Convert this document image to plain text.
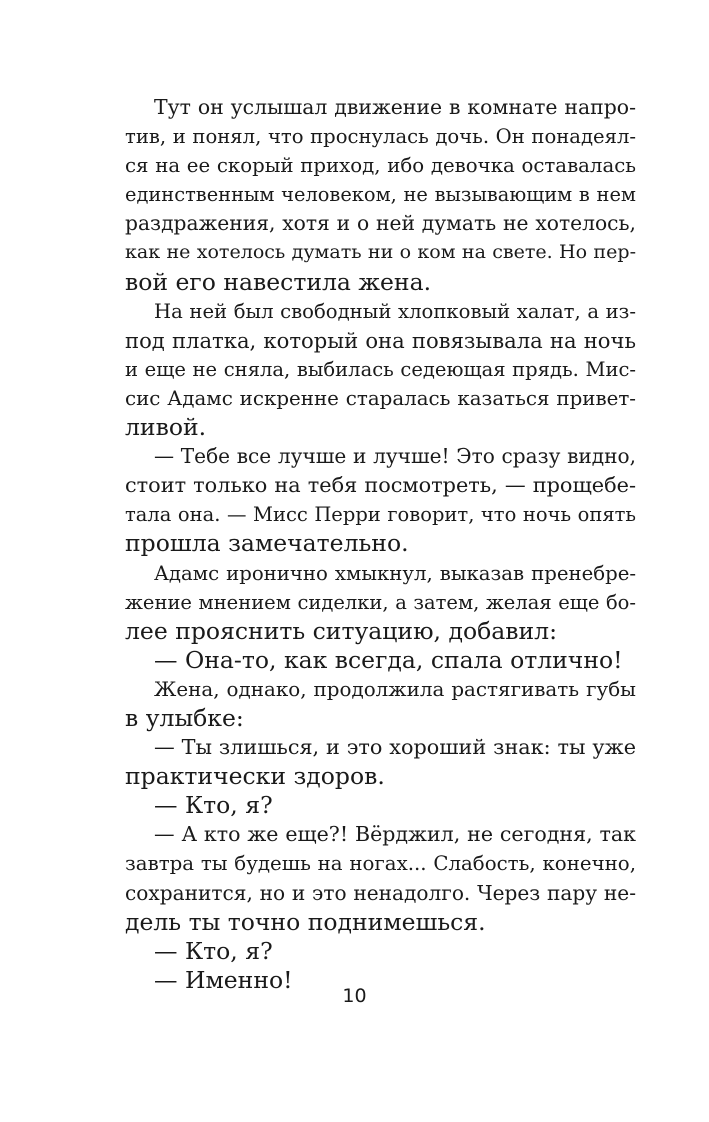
Тут он услышал движение в комнате напро-
тив, и понял, что проснулась дочь. Он понадеял-
ся на ее скорый приход, ибо девочка оставалась
единственным человеком, не вызывающим в нем
раздражения, хотя и о ней думать не хотелось,
как не хотелось думать ни о ком на свете. Но пер-
вой его навестила жена.
На ней был свободный хлопковый халат, а из-
под платка, который она повязывала на ночь
и еще не сняла, выбилась седеющая прядь. Мис-
сис Адамс искренне старалась казаться привет-
ливой.
— Тебе все лучше и лучше! Это сразу видно,
стоит только на тебя посмотреть, — прощебе-
тала она. — Мисс Перри говорит, что ночь опять
прошла замечательно.
Адамс иронично хмыкнул, выказав пренебре-
жение мнением сиделки, а затем, желая еще бо-
лее прояснить ситуацию, добавил:
— Она-то, как всегда, спала отлично!
Жена, однако, продолжила растягивать губы
в улыбке:
— Ты злишься, и это хороший знак: ты уже
практически здоров.
— Кто, я?
— А кто же еще?! Вёрджил, не сегодня, так
завтра ты будешь на ногах... Слабость, конечно,
сохранится, но и это ненадолго. Через пару не-
дель ты точно поднимешься.
— Кто, я?
— Именно!
10
